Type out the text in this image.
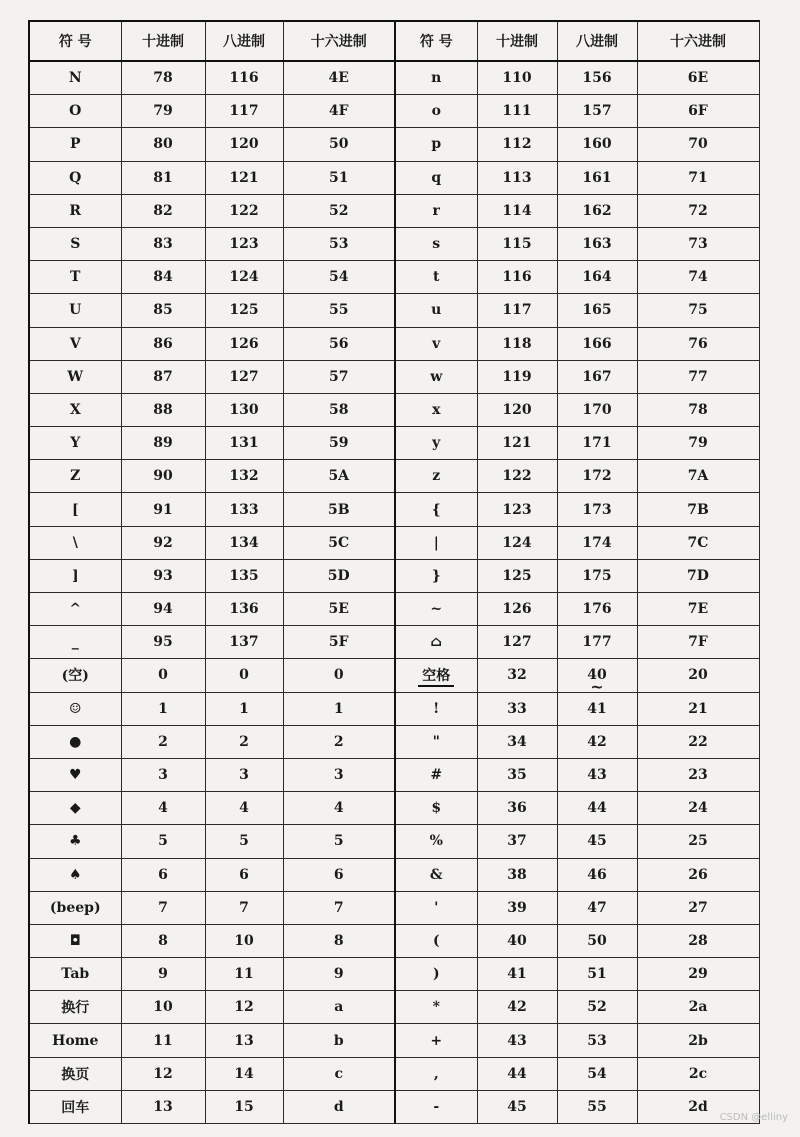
符 号	十进制	八进制	十六进制	符 号	十进制	八进制	十六进制
N	78	116	4E	n	110	156	6E
O	79	117	4F	o	111	157	6F
P	80	120	50	p	112	160	70
Q	81	121	51	q	113	161	71
R	82	122	52	r	114	162	72
S	83	123	53	s	115	163	73
T	84	124	54	t	116	164	74
U	85	125	55	u	117	165	75
V	86	126	56	v	118	166	76
W	87	127	57	w	119	167	77
X	88	130	58	x	120	170	78
Y	89	131	59	y	121	171	79
Z	90	132	5A	z	122	172	7A
[	91	133	5B	{	123	173	7B
\	92	134	5C	|	124	174	7C
]	93	135	5D	}	125	175	7D
^	94	136	5E	~	126	176	7E
_	95	137	5F	⌂	127	177	7F
(空)	0	0	0	空格	32	40 ~	20
☺	1	1	1	!	33	41	21
●	2	2	2	"	34	42	22
♥	3	3	3	#	35	43	23
◆	4	4	4	$	36	44	24
♣	5	5	5	%	37	45	25
♠	6	6	6	&	38	46	26
(beep)	7	7	7	'	39	47	27
◘	8	10	8	(	40	50	28
Tab	9	11	9	)	41	51	29
换行	10	12	a	*	42	52	2a
Home	11	13	b	+	43	53	2b
换页	12	14	c	,	44	54	2c
回车	13	15	d	-	45	55	2d
CSDN @elliny
